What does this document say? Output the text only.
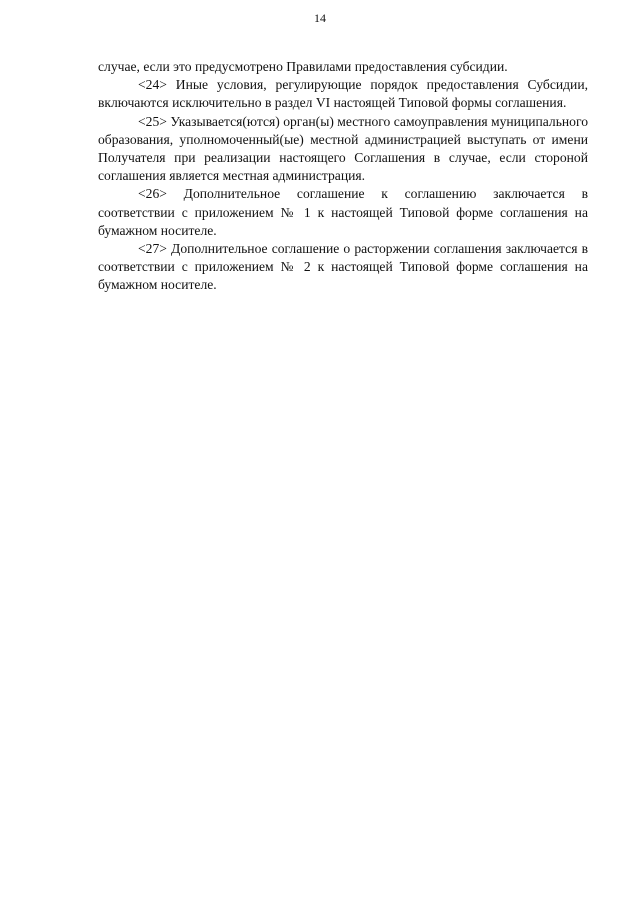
14

случае, если это предусмотрено Правилами предоставления субсидии.

<24> Иные условия, регулирующие порядок предоставления Субсидии, включаются исключительно в раздел VI настоящей Типовой формы соглашения.

<25> Указывается(ются) орган(ы) местного самоуправления муниципального образования, уполномоченный(ые) местной администрацией выступать от имени Получателя при реализации настоящего Соглашения в случае, если стороной соглашения является местная администрация.

<26> Дополнительное соглашение к соглашению заключается в соответствии с приложением № 1 к настоящей Типовой форме соглашения на бумажном носителе.

<27> Дополнительное соглашение о расторжении соглашения заключается в соответствии с приложением № 2 к настоящей Типовой форме соглашения на бумажном носителе.
